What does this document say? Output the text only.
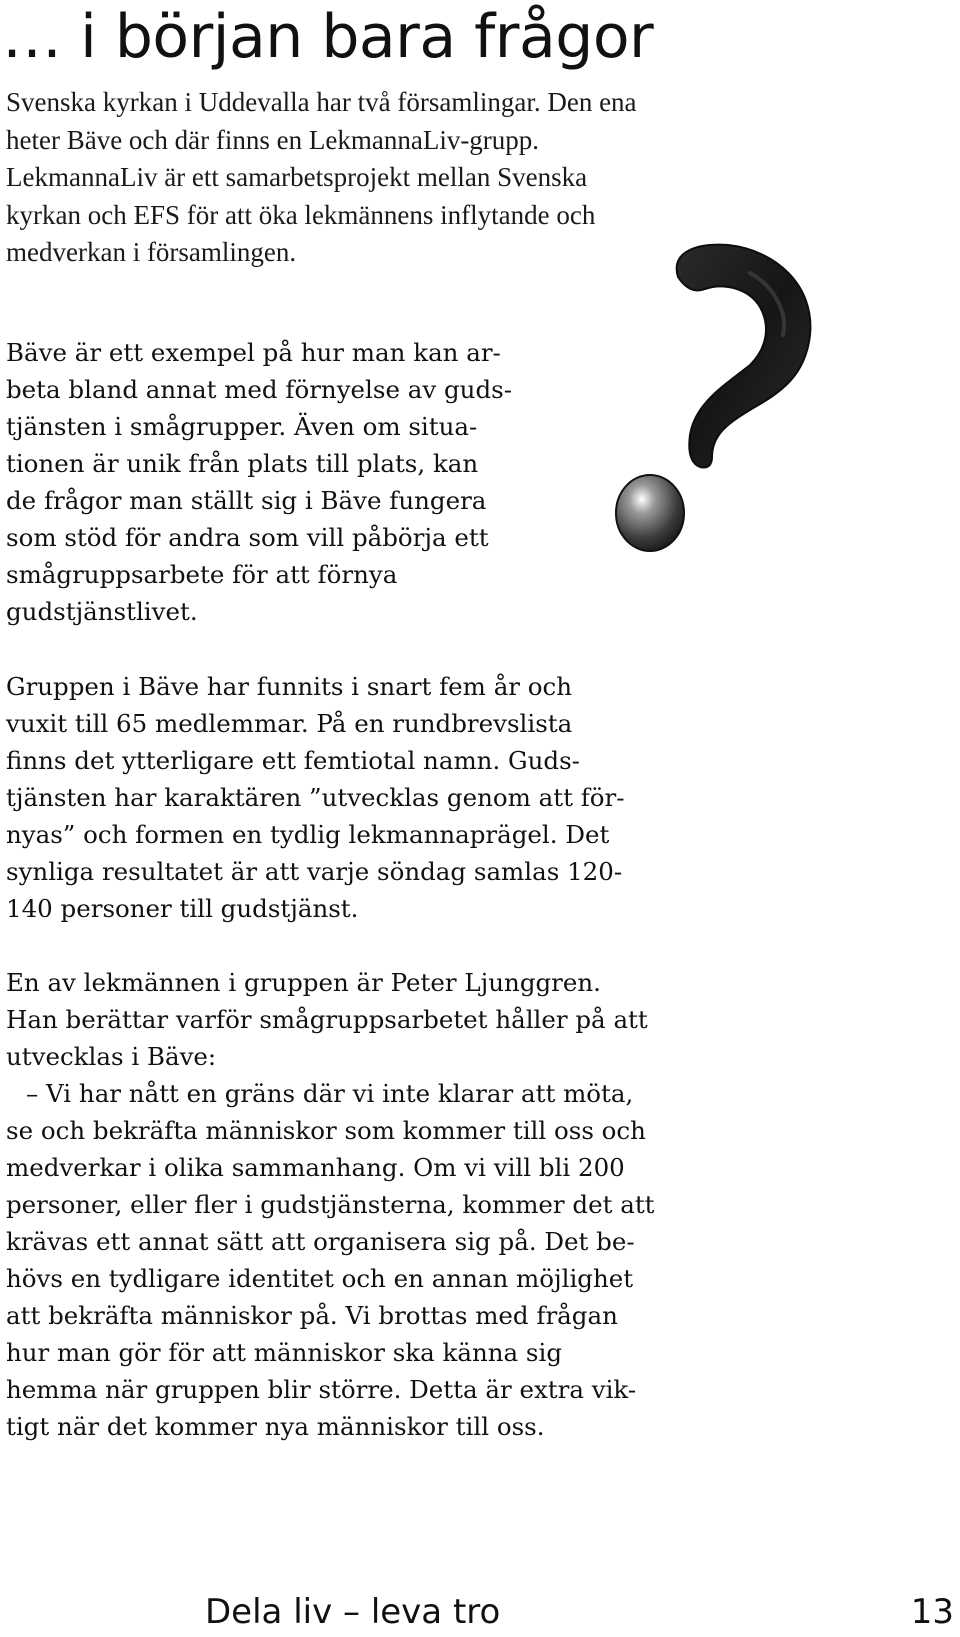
… i början bara frågor

Svenska kyrkan i Uddevalla har två församlingar. Den ena heter Bäve och där finns en LekmannaLiv-grupp. LekmannaLiv är ett samarbetsprojekt mellan Svenska kyrkan och EFS för att öka lekmännens inflytande och medverkan i församlingen.

Bäve är ett exempel på hur man kan ar-
beta bland annat med förnyelse av guds-
tjänsten i smågrupper. Även om situa-
tionen är unik från plats till plats, kan
de frågor man ställt sig i Bäve fungera
som stöd för andra som vill påbörja ett
smågruppsarbete för att förnya
gudstjänstlivet.
Gruppen i Bäve har funnits i snart fem år och
vuxit till 65 medlemmar. På en rundbrevslista
finns det ytterligare ett femtiotal namn. Guds-
tjänsten har karaktären ”utvecklas genom att för-
nyas” och formen en tydlig lekmannaprägel. Det
synliga resultatet är att varje söndag samlas 120-
140 personer till gudstjänst.
En av lekmännen i gruppen är Peter Ljunggren.
Han berättar varför smågruppsarbetet håller på att
utvecklas i Bäve:
– Vi har nått en gräns där vi inte klarar att möta,
se och bekräfta människor som kommer till oss och
medverkar i olika sammanhang. Om vi vill bli 200
personer, eller fler i gudstjänsterna, kommer det att
krävas ett annat sätt att organisera sig på. Det be-
hövs en tydligare identitet och en annan möjlighet
att bekräfta människor på. Vi brottas med frågan
hur man gör för att människor ska känna sig
hemma när gruppen blir större. Detta är extra vik-
tigt när det kommer nya människor till oss.
Dela liv – leva tro	13
